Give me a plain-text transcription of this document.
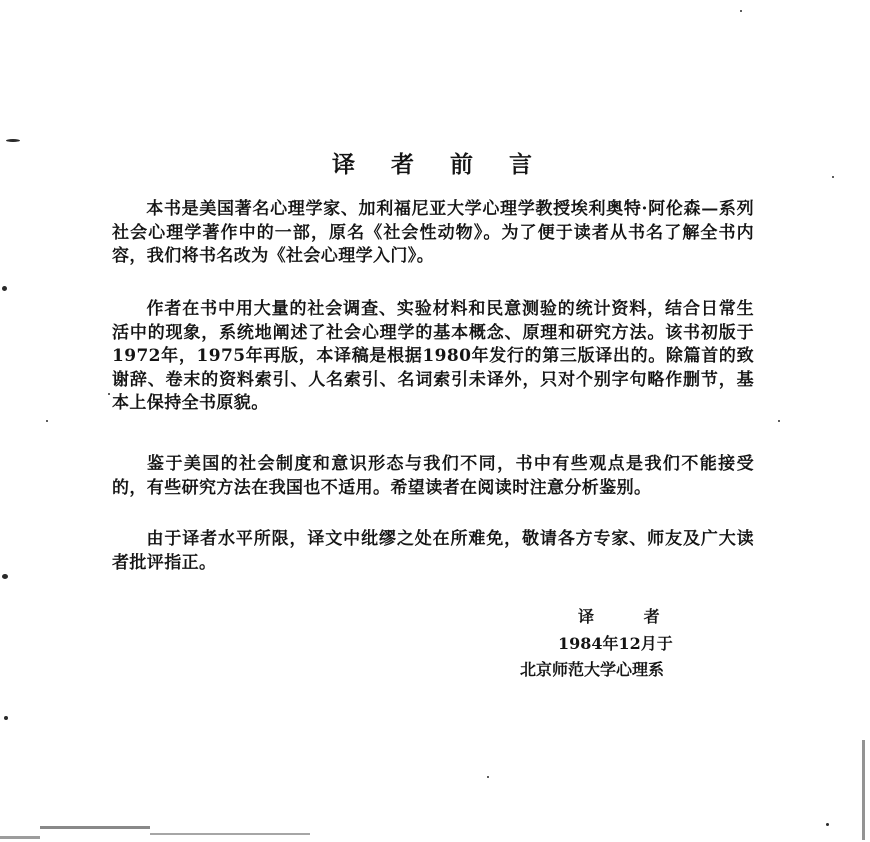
译 者 前 言

本书是美国著名心理学家、加利福尼亚大学心理学教授埃利奥特·阿伦森—系列社会心理学著作中的一部，原名《社会性动物》。为了便于读者从书名了解全书内容，我们将书名改为《社会心理学入门》。

作者在书中用大量的社会调查、实验材料和民意测验的统计资料，结合日常生活中的现象，系统地阐述了社会心理学的基本概念、原理和研究方法。该书初版于1972年，1975年再版，本译稿是根据1980年发行的第三版译出的。除篇首的致谢辞、卷末的资料索引、人名索引、名词索引未译外，只对个别字句略作删节，基本上保持全书原貌。

鉴于美国的社会制度和意识形态与我们不同，书中有些观点是我们不能接受的，有些研究方法在我国也不适用。希望读者在阅读时注意分析鉴别。

由于译者水平所限，译文中纰缪之处在所难免，敬请各方专家、师友及广大读者批评指正。

译 者

1984年12月于

北京师范大学心理系
